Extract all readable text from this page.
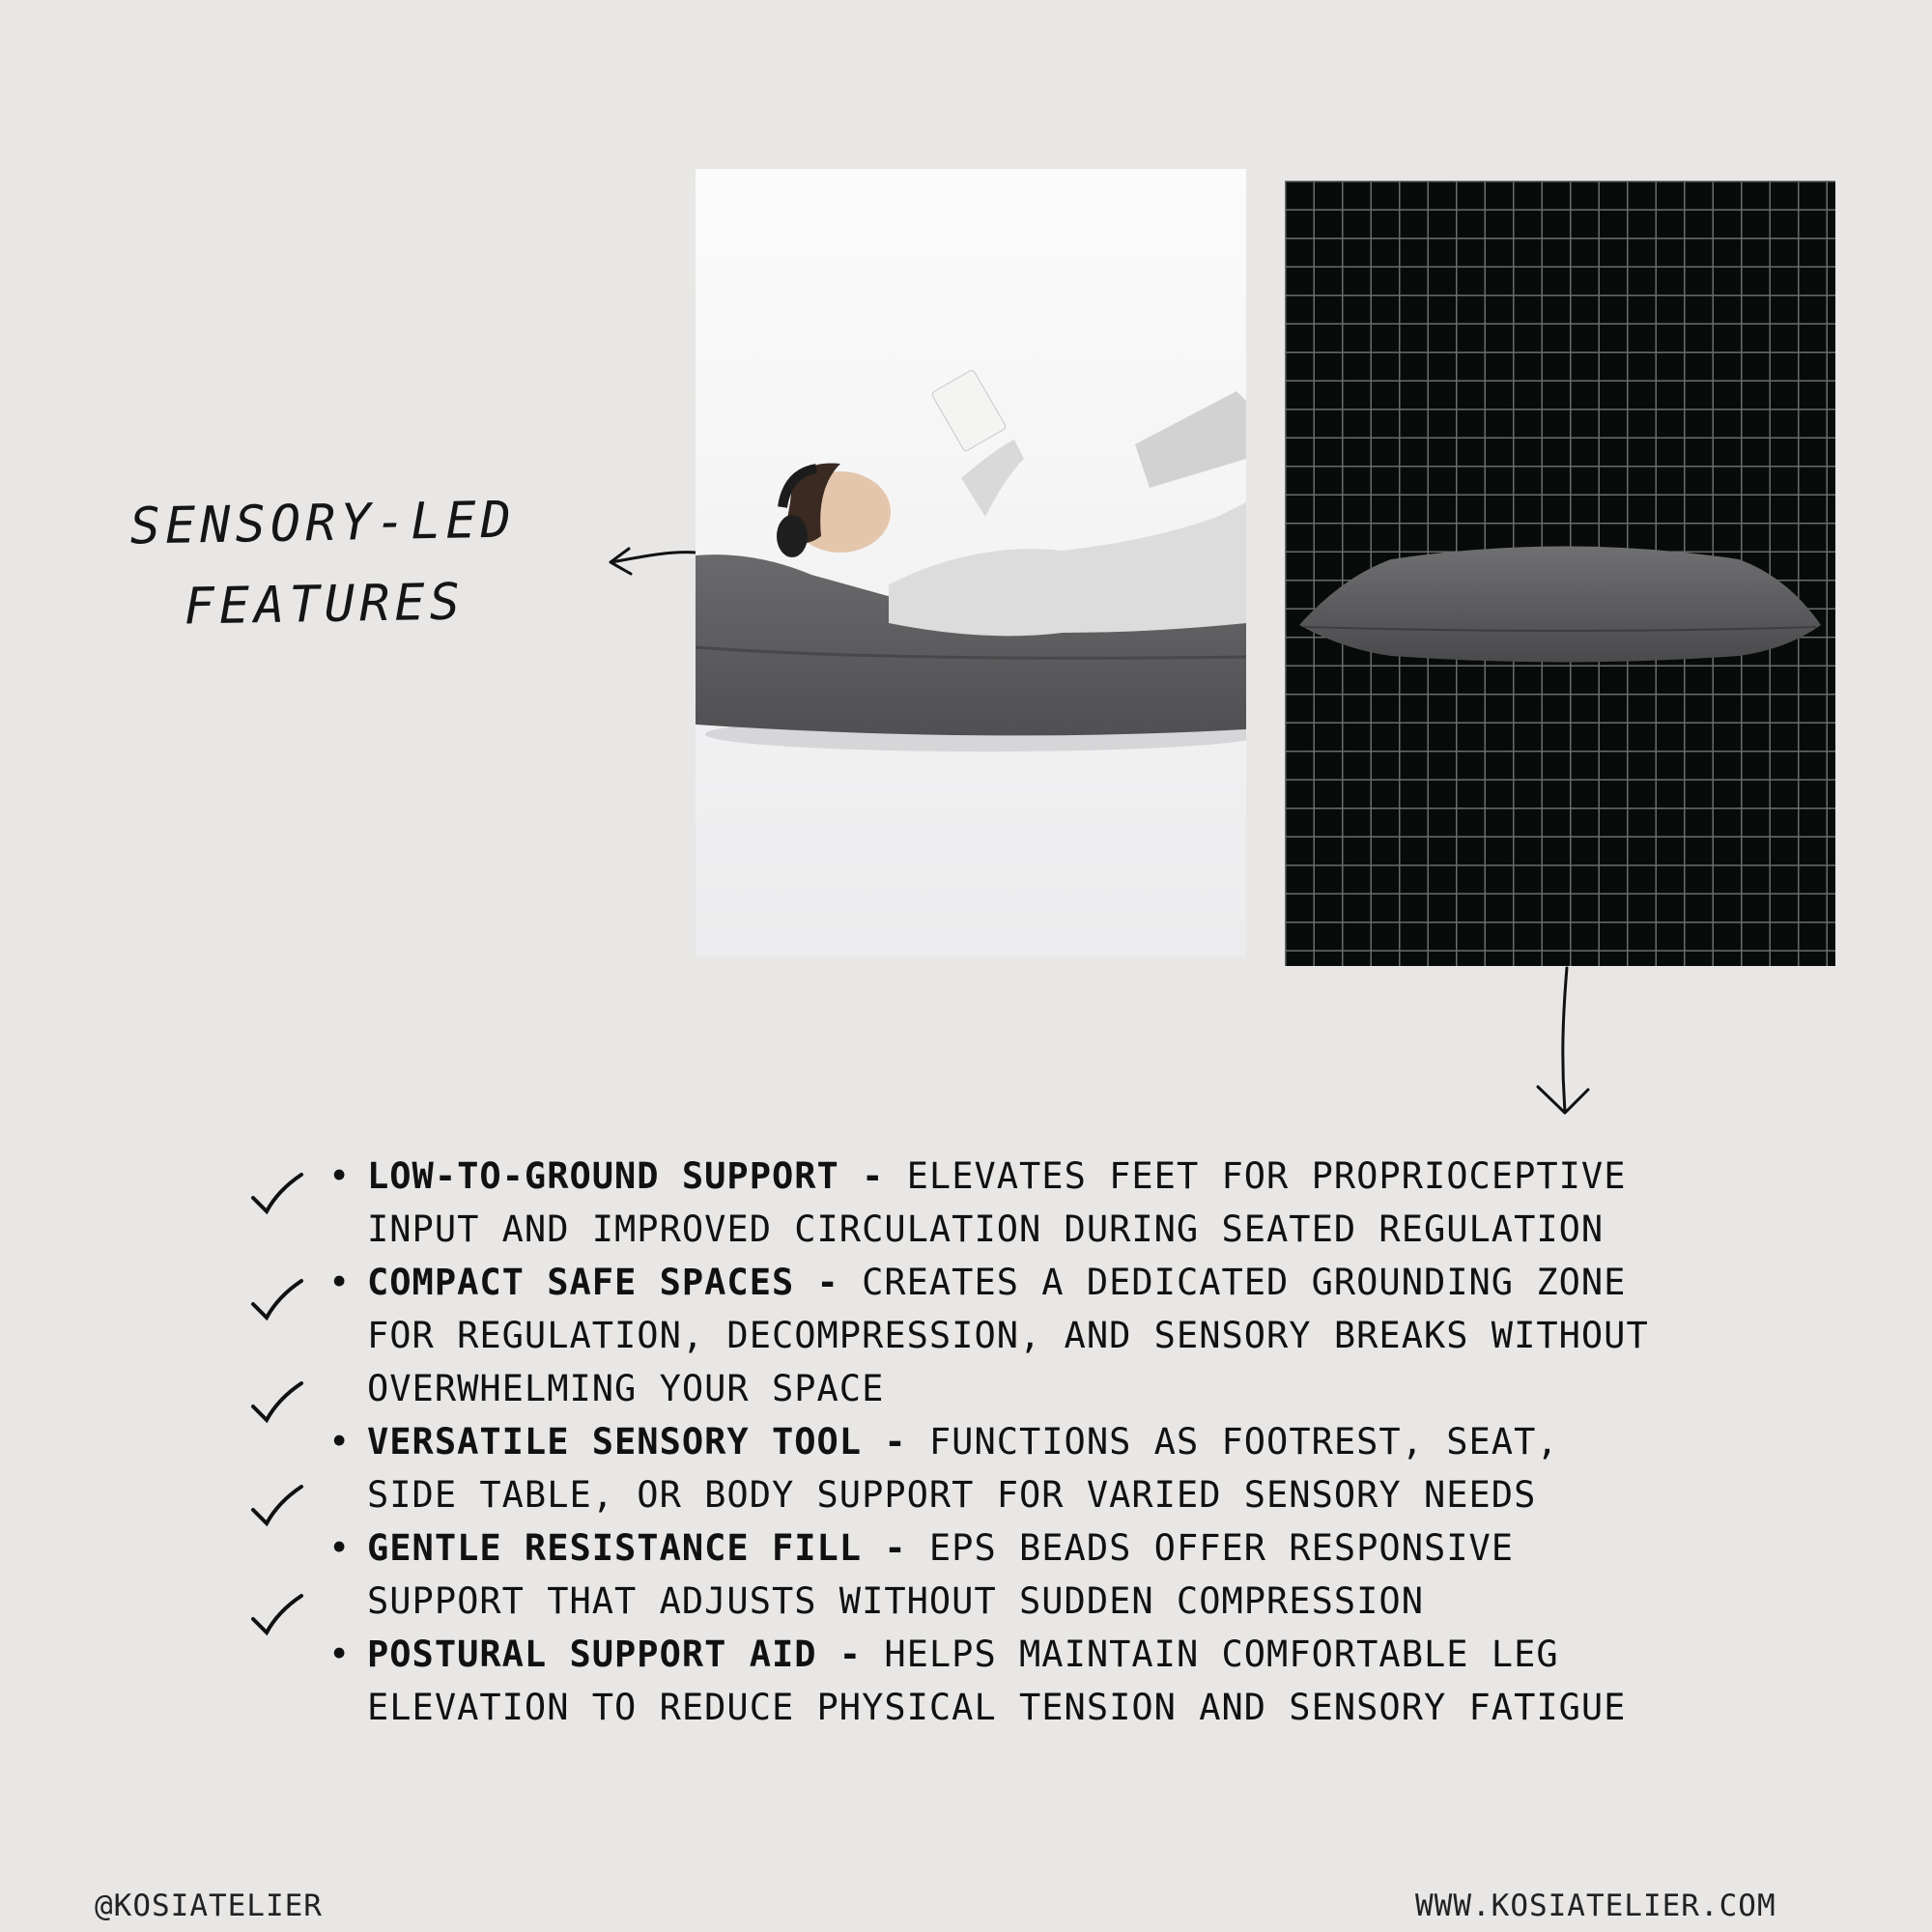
SENSORY-LED
FEATURES
• LOW-TO-GROUND SUPPORT - ELEVATES FEET FOR PROPRIOCEPTIVE
INPUT AND IMPROVED CIRCULATION DURING SEATED REGULATION
• COMPACT SAFE SPACES - CREATES A DEDICATED GROUNDING ZONE
FOR REGULATION, DECOMPRESSION, AND SENSORY BREAKS WITHOUT
OVERWHELMING YOUR SPACE
• VERSATILE SENSORY TOOL - FUNCTIONS AS FOOTREST, SEAT,
SIDE TABLE, OR BODY SUPPORT FOR VARIED SENSORY NEEDS
• GENTLE RESISTANCE FILL - EPS BEADS OFFER RESPONSIVE
SUPPORT THAT ADJUSTS WITHOUT SUDDEN COMPRESSION
• POSTURAL SUPPORT AID - HELPS MAINTAIN COMFORTABLE LEG
ELEVATION TO REDUCE PHYSICAL TENSION AND SENSORY FATIGUE
@KOSIATELIER	WWW.KOSIATELIER.COM
